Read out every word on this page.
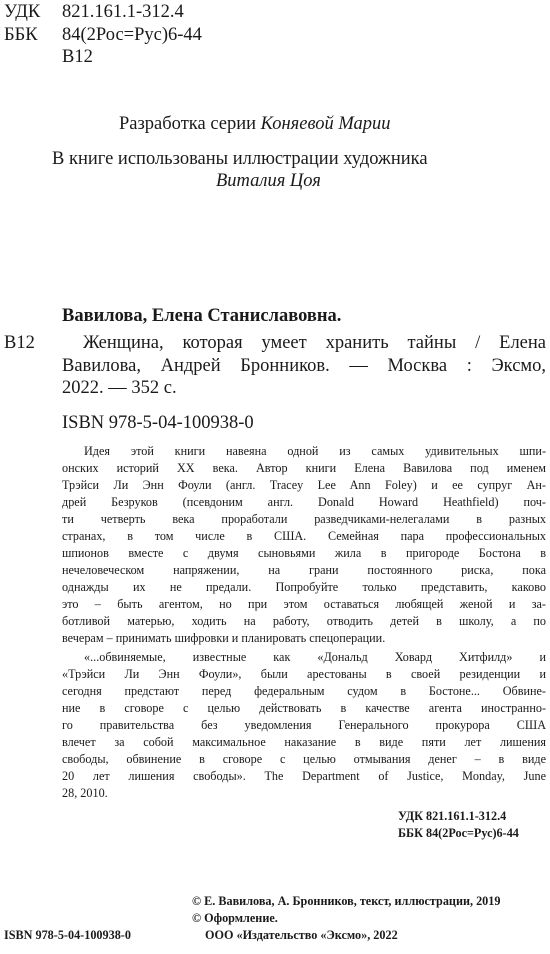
УДК 821.161.1-312.4
ББК 84(2Рос=Рус)6-44
В12
Разработка серии Коняевой Марии
В книге использованы иллюстрации художника
Виталия Цоя
Вавилова, Елена Станиславовна.
В12	Женщина, которая умеет хранить тайны / Елена
Вавилова, Андрей Бронников. — Москва : Эксмо,
2022. — 352 с.
ISBN 978-5-04-100938-0
Идея этой книги навеяна одной из самых удивительных шпи-
онских историй XX века. Автор книги Елена Вавилова под именем
Трэйси Ли Энн Фоули (англ. Tracey Lee Ann Foley) и ее супруг Ан-
дрей Безруков (псевдоним англ. Donald Howard Heathfield) поч-
ти четверть века проработали разведчиками-нелегалами в разных
странах, в том числе в США. Семейная пара профессиональных
шпионов вместе с двумя сыновьями жила в пригороде Бостона в
нечеловеческом напряжении, на грани постоянного риска, пока
однажды их не предали. Попробуйте только представить, каково
это – быть агентом, но при этом оставаться любящей женой и за-
ботливой матерью, ходить на работу, отводить детей в школу, а по
вечерам – принимать шифровки и планировать спецоперации.
«...обвиняемые, известные как «Дональд Ховард Хитфилд» и
«Трэйси Ли Энн Фоули», были арестованы в своей резиденции и
сегодня предстают перед федеральным судом в Бостоне... Обвине-
ние в сговоре с целью действовать в качестве агента иностранно-
го правительства без уведомления Генерального прокурора США
влечет за собой максимальное наказание в виде пяти лет лишения
свободы, обвинение в сговоре с целью отмывания денег – в виде
20 лет лишения свободы». The Department of Justice, Monday, June
28, 2010.
УДК 821.161.1-312.4
ББК 84(2Рос=Рус)6-44
© Е. Вавилова, А. Бронников, текст, иллюстрации, 2019
© Оформление.
ISBN 978-5-04-100938-0	ООО «Издательство «Эксмо», 2022
